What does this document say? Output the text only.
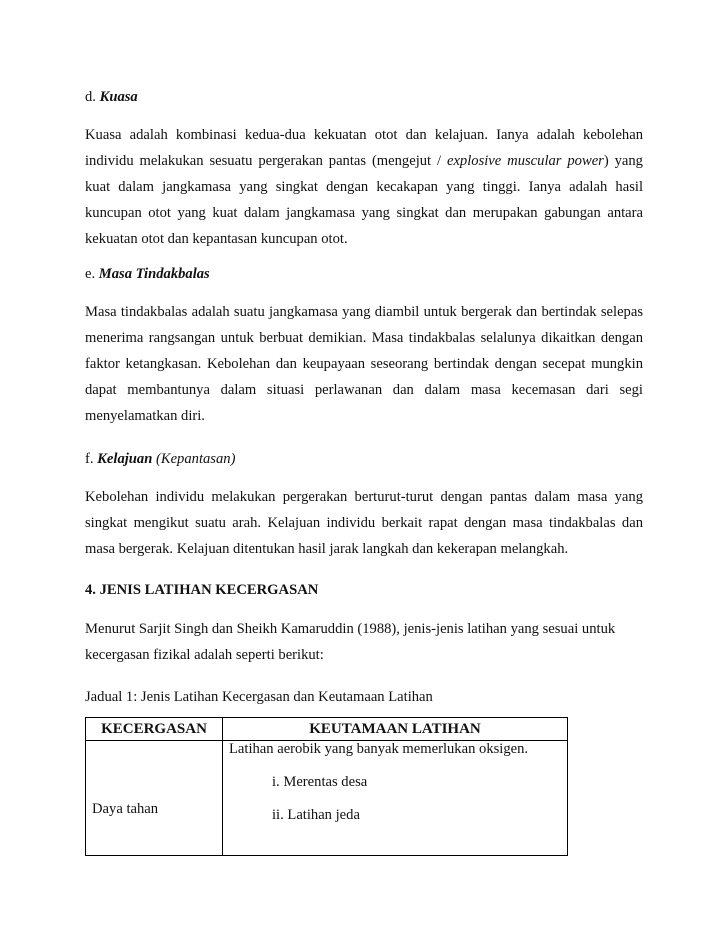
d. Kuasa

Kuasa adalah kombinasi kedua-dua kekuatan otot dan kelajuan. Ianya adalah kebolehan individu melakukan sesuatu pergerakan pantas (mengejut / explosive muscular power) yang kuat dalam jangkamasa yang singkat dengan kecakapan yang tinggi. Ianya adalah hasil kuncupan otot yang kuat dalam jangkamasa yang singkat dan merupakan gabungan antara kekuatan otot dan kepantasan kuncupan otot.

e. Masa Tindakbalas

Masa tindakbalas adalah suatu jangkamasa yang diambil untuk bergerak dan bertindak selepas menerima rangsangan untuk berbuat demikian. Masa tindakbalas selalunya dikaitkan dengan faktor ketangkasan. Kebolehan dan keupayaan seseorang bertindak dengan secepat mungkin dapat membantunya dalam situasi perlawanan dan dalam masa kecemasan dari segi menyelamatkan diri.

f. Kelajuan (Kepantasan)

Kebolehan individu melakukan pergerakan berturut-turut dengan pantas dalam masa yang singkat mengikut suatu arah. Kelajuan individu berkait rapat dengan masa tindakbalas dan masa bergerak. Kelajuan ditentukan hasil jarak langkah dan kekerapan melangkah.

4. JENIS LATIHAN KECERGASAN

Menurut Sarjit Singh dan Sheikh Kamaruddin (1988), jenis-jenis latihan yang sesuai untuk kecergasan fizikal adalah seperti berikut:

Jadual 1: Jenis Latihan Kecergasan dan Keutamaan Latihan

KECERGASAN	KEUTAMAAN LATIHAN

Daya tahan	Latihan aerobik yang banyak memerlukan oksigen.
i. Merentas desa
ii. Latihan jeda
